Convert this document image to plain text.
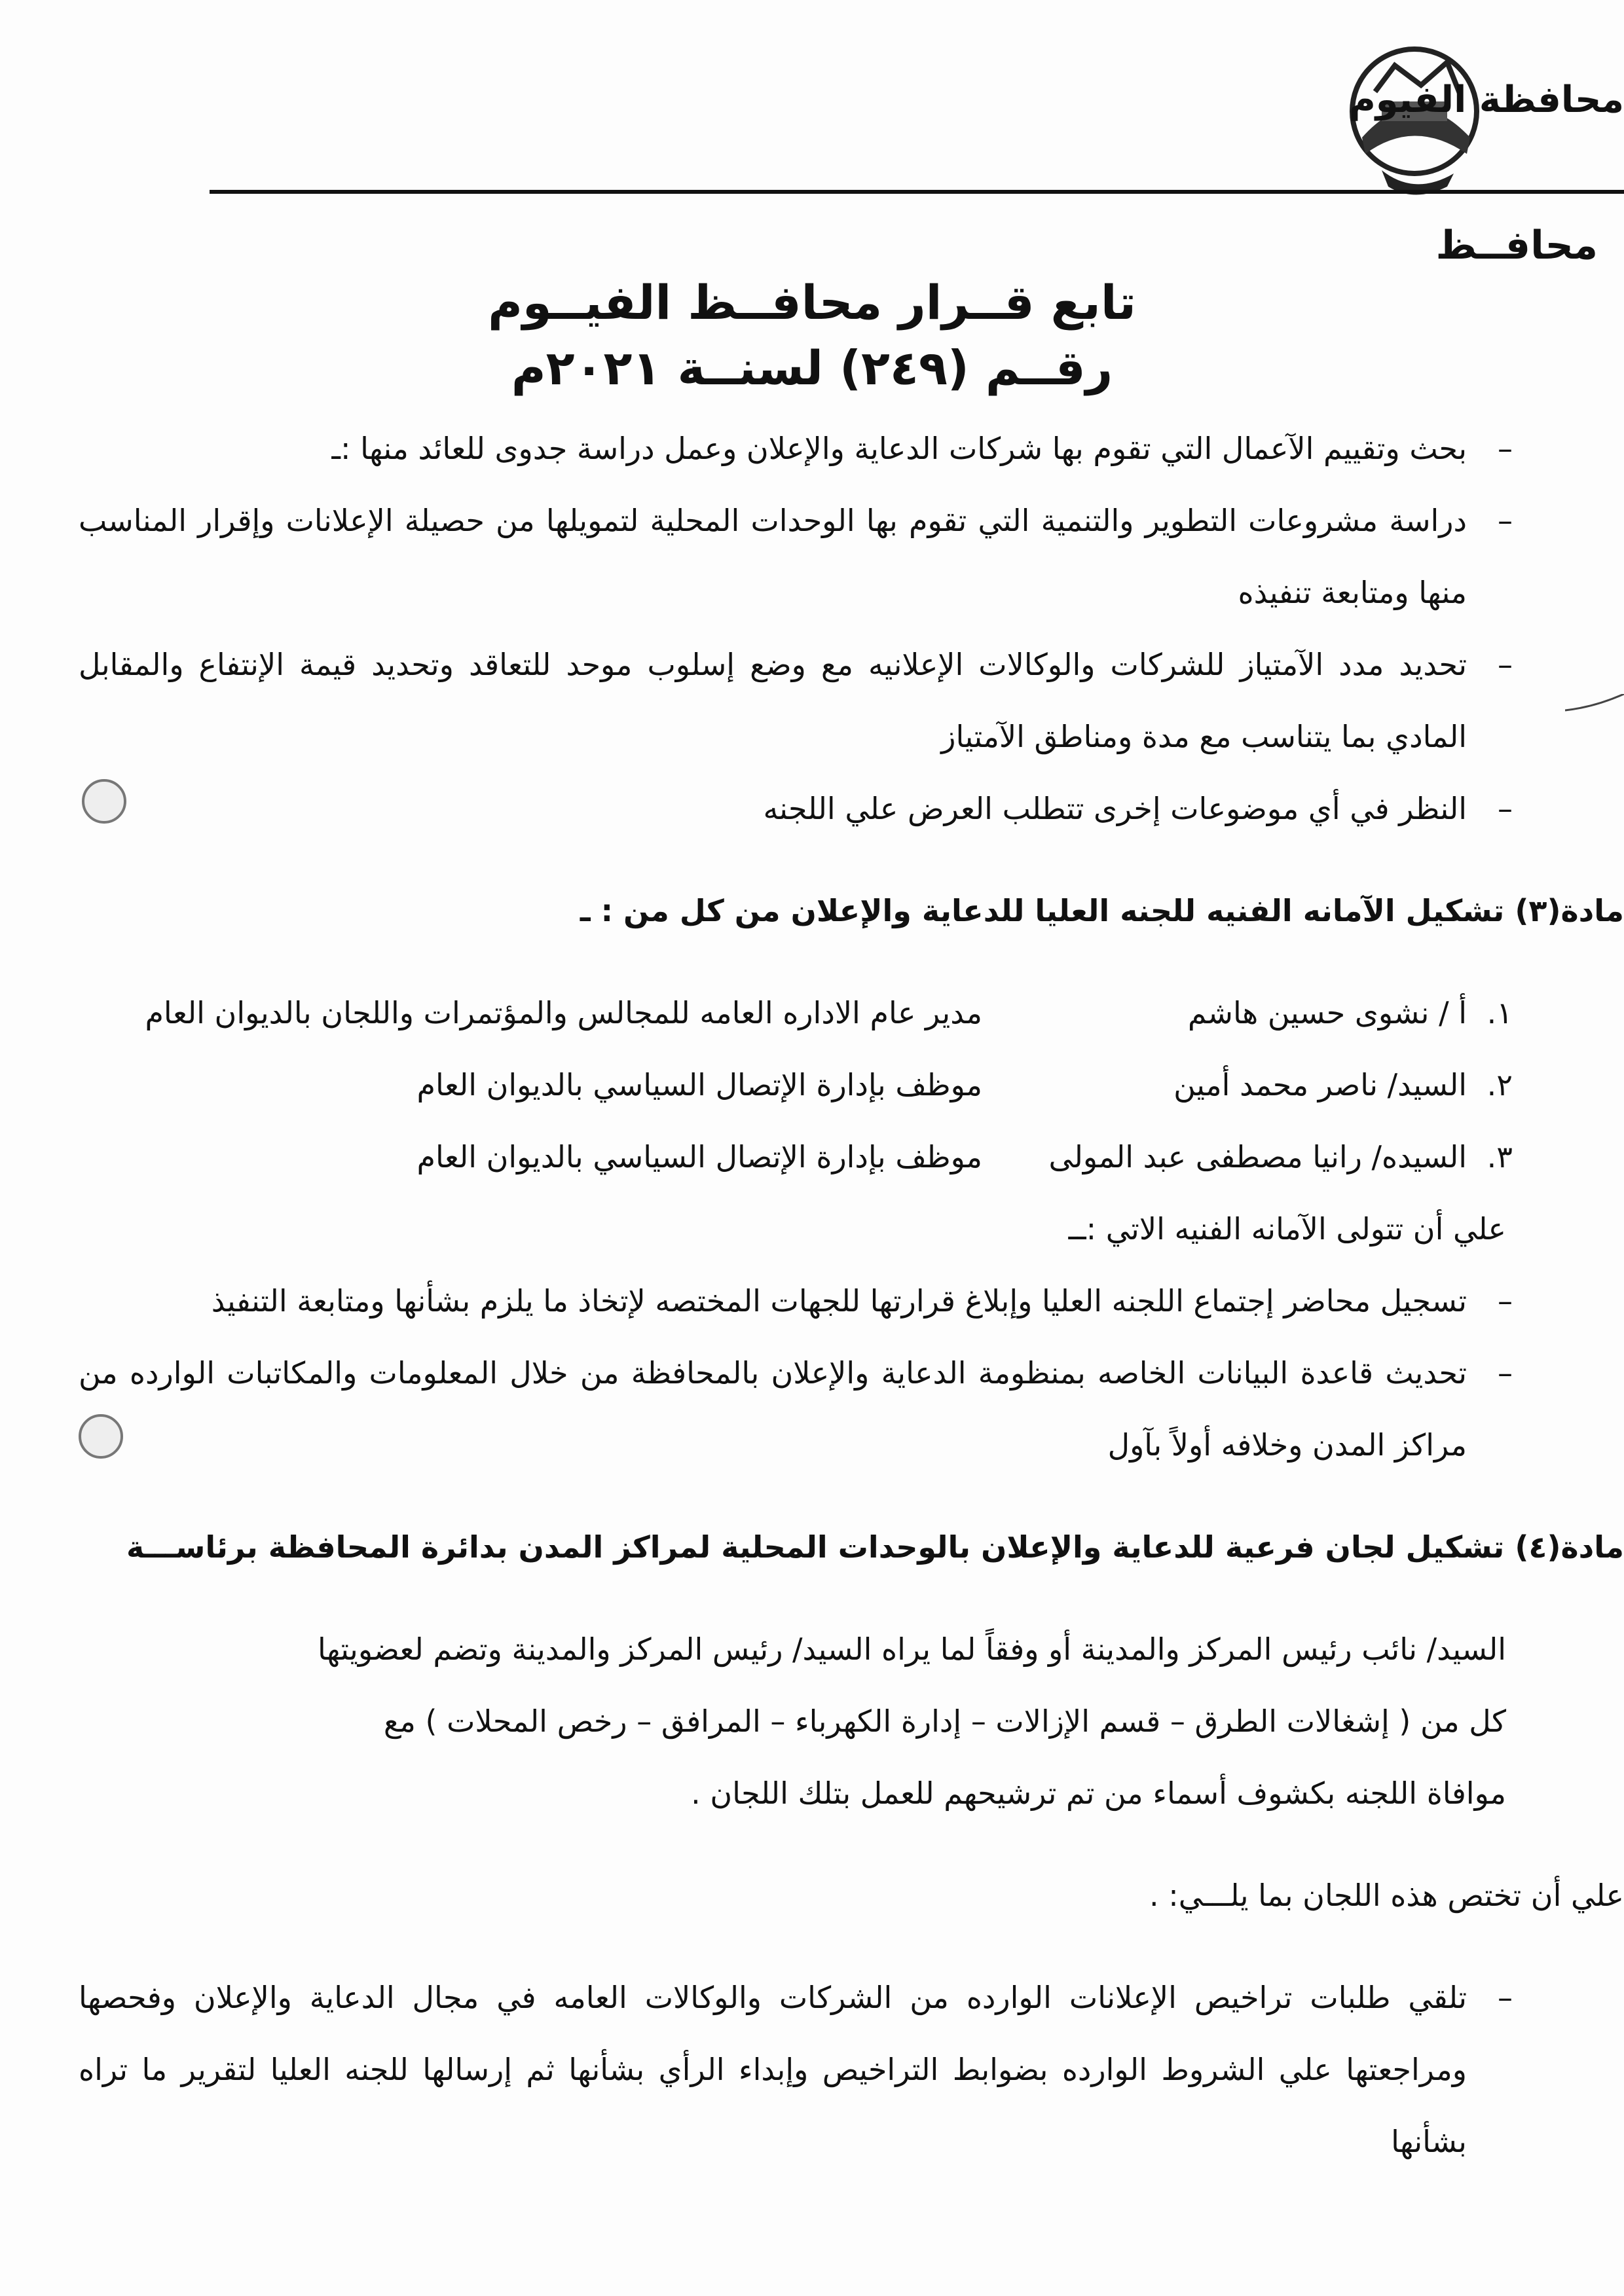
محافظة الفيوم
محافــظ
تابع قــرار محافــظ الفيــوم
رقــم (٢٤٩) لسنــة ٢٠٢١م

–
بحث وتقييم الآعمال التي تقوم بها شركات الدعاية والإعلان وعمل دراسة جدوى للعائد منها :ـ

–
دراسة مشروعات التطوير والتنمية التي تقوم بها الوحدات المحلية لتمويلها من حصيلة الإعلانات وإقرار المناسب منها ومتابعة تنفيذه

–
تحديد مدد الآمتياز للشركات والوكالات الإعلانيه مع وضع إسلوب موحد للتعاقد وتحديد قيمة الإنتفاع والمقابل المادي بما يتناسب مع مدة ومناطق الآمتياز

–
النظر في أي موضوعات إخرى تتطلب العرض علي اللجنه

مادة(٣) تشكيل الآمانه الفنيه للجنه العليا للدعاية والإعلان من كل من : ـ

١.
أ / نشوى حسين هاشم
مدير عام الاداره العامه للمجالس والمؤتمرات واللجان بالديوان العام
٢.
السيد/ ناصر محمد أمين
موظف بإدارة الإتصال السياسي بالديوان العام
٣.
السيده/ رانيا مصطفى عبد المولى
موظف بإدارة الإتصال السياسي بالديوان العام

علي أن تتولى الآمانه الفنيه الاتي :ــ

–
تسجيل محاضر إجتماع اللجنه العليا وإبلاغ قرارتها للجهات المختصه لإتخاذ ما يلزم بشأنها ومتابعة التنفيذ

–
تحديث قاعدة البيانات الخاصه بمنظومة الدعاية والإعلان بالمحافظة من خلال المعلومات والمكاتبات الوارده من مراكز المدن وخلافه أولاً بآول

مادة(٤) تشكيل لجان فرعية للدعاية والإعلان بالوحدات المحلية لمراكز المدن بدائرة المحافظة برئاســـة

السيد/ نائب رئيس المركز والمدينة أو وفقاً لما يراه السيد/ رئيس المركز والمدينة وتضم لعضويتها

كل من ( إشغالات الطرق – قسم الإزالات – إدارة الكهرباء – المرافق – رخص المحلات ) مع

موافاة اللجنه بكشوف أسماء من تم ترشيحهم للعمل بتلك اللجان .

علي أن تختص هذه اللجان بما يلـــي: .

–
تلقي طلبات تراخيص الإعلانات الوارده من الشركات والوكالات العامه في مجال الدعاية والإعلان وفحصها ومراجعتها علي الشروط الوارده بضوابط التراخيص وإبداء الرأي بشأنها ثم إرسالها للجنه العليا لتقرير ما تراه بشأنها
